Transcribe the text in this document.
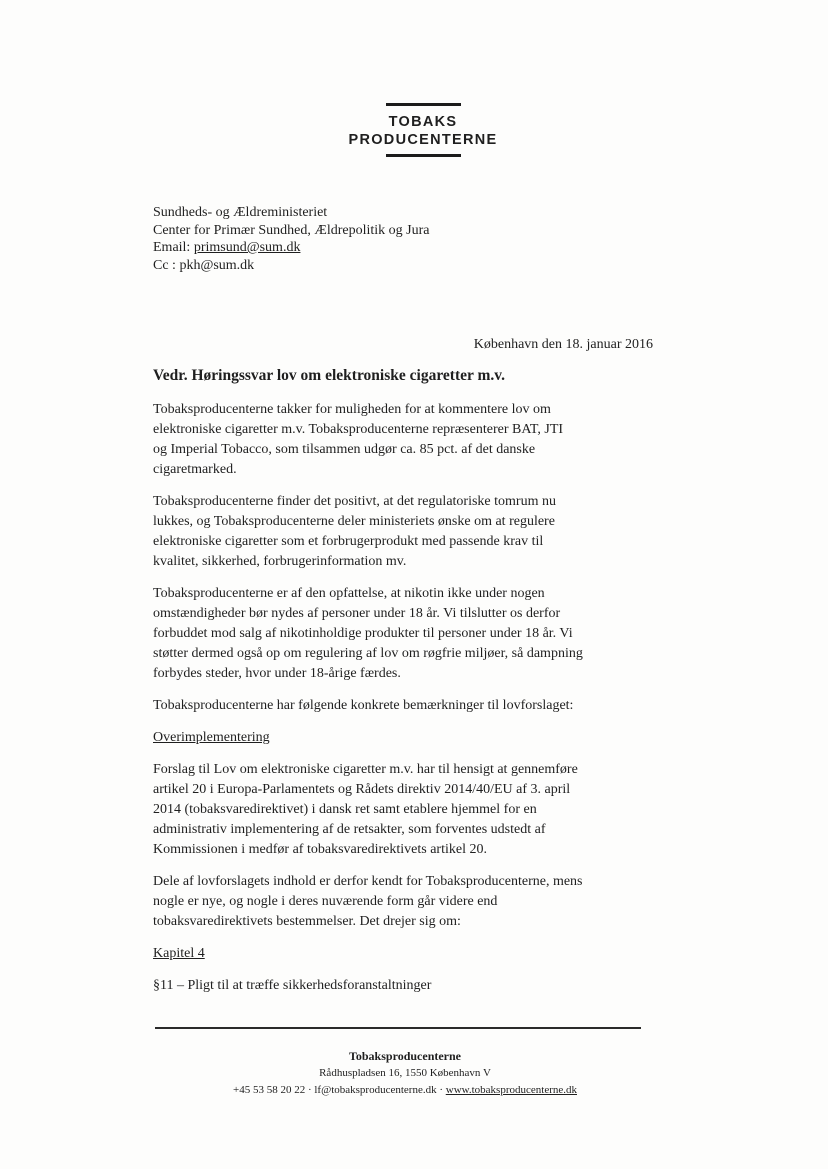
TOBAKS
PRODUCENTERNE
Sundheds- og Ældreministeriet
Center for Primær Sundhed, Ældrepolitik og Jura
Email: primsund@sum.dk
Cc : pkh@sum.dk
København den 18. januar 2016
Vedr. Høringssvar lov om elektroniske cigaretter m.v.
Tobaksproducenterne takker for muligheden for at kommentere lov om
elektroniske cigaretter m.v. Tobaksproducenterne repræsenterer BAT, JTI
og Imperial Tobacco, som tilsammen udgør ca. 85 pct. af det danske
cigaretmarked.
Tobaksproducenterne finder det positivt, at det regulatoriske tomrum nu
lukkes, og Tobaksproducenterne deler ministeriets ønske om at regulere
elektroniske cigaretter som et forbrugerprodukt med passende krav til
kvalitet, sikkerhed, forbrugerinformation mv.
Tobaksproducenterne er af den opfattelse, at nikotin ikke under nogen
omstændigheder bør nydes af personer under 18 år. Vi tilslutter os derfor
forbuddet mod salg af nikotinholdige produkter til personer under 18 år. Vi
støtter dermed også op om regulering af lov om røgfrie miljøer, så dampning
forbydes steder, hvor under 18-årige færdes.
Tobaksproducenterne har følgende konkrete bemærkninger til lovforslaget:
Overimplementering
Forslag til Lov om elektroniske cigaretter m.v. har til hensigt at gennemføre
artikel 20 i Europa-Parlamentets og Rådets direktiv 2014/40/EU af 3. april
2014 (tobaksvaredirektivet) i dansk ret samt etablere hjemmel for en
administrativ implementering af de retsakter, som forventes udstedt af
Kommissionen i medfør af tobaksvaredirektivets artikel 20.
Dele af lovforslagets indhold er derfor kendt for Tobaksproducenterne, mens
nogle er nye, og nogle i deres nuværende form går videre end
tobaksvaredirektivets bestemmelser. Det drejer sig om:
Kapitel 4
§11 – Pligt til at træffe sikkerhedsforanstaltninger
Tobaksproducenterne
Rådhuspladsen 16, 1550 København V
+45 53 58 20 22 · lf@tobaksproducenterne.dk · www.tobaksproducenterne.dk
